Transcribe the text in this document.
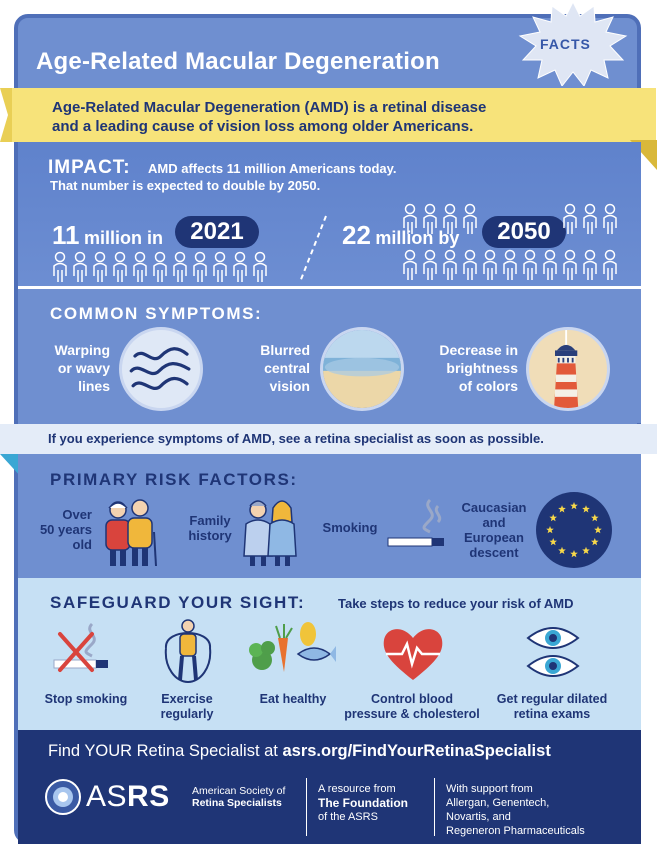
FACTS
Age-Related Macular Degeneration
Age-Related Macular Degeneration (AMD) is a retinal disease
and a leading cause of vision loss among older Americans.
IMPACT: AMD affects 11 million Americans today.
That number is expected to double by 2050.
11 million in	2021	22 million by	2050
COMMON SYMPTOMS:
Warping
or wavy
lines
Blurred
central
vision
Decrease in
brightness
of colors
If you experience symptoms of AMD, see a retina specialist as soon as possible.
PRIMARY RISK FACTORS:
Over
50 years
old
Family
history
Smoking
Caucasian
and
European
descent
SAFEGUARD YOUR SIGHT:	Take steps to reduce your risk of AMD
Stop smoking	Exercise
regularly
Eat healthy	Control blood
pressure & cholesterol
Get regular dilated
retina exams
Find YOUR Retina Specialist at asrs.org/FindYourRetinaSpecialist
ASRS American Society of
Retina Specialists
A resource from
The Foundation
of the ASRS
With support from
Allergan, Genentech,
Novartis, and
Regeneron Pharmaceuticals
